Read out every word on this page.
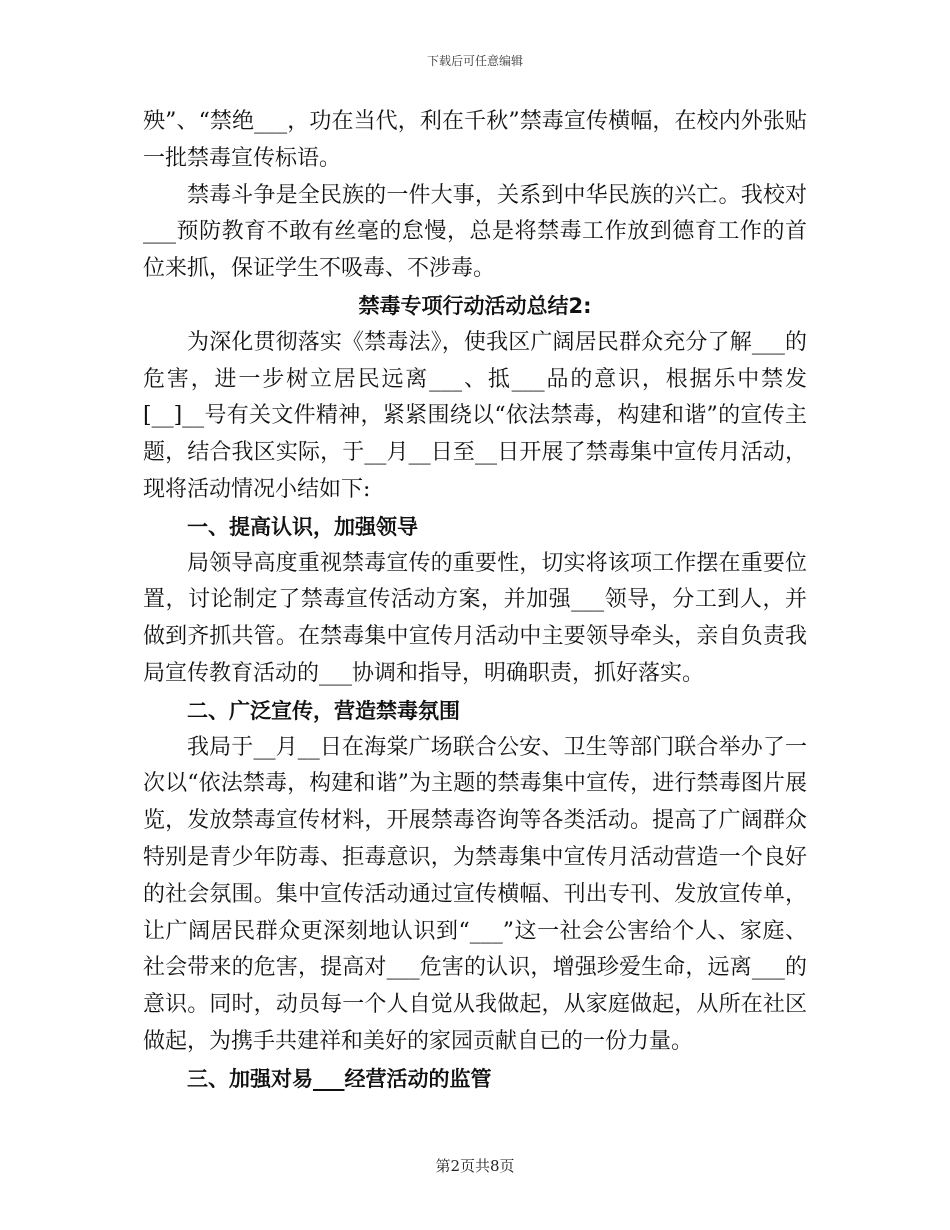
下载后可任意编辑

殃”、“禁绝___，功在当代，利在千秋”禁毒宣传横幅，在校内外张贴一批禁毒宣传标语。

禁毒斗争是全民族的一件大事，关系到中华民族的兴亡。我校对___预防教育不敢有丝毫的怠慢，总是将禁毒工作放到德育工作的首位来抓，保证学生不吸毒、不涉毒。

禁毒专项行动活动总结2:

为深化贯彻落实《禁毒法》，使我区广阔居民群众充分了解___的危害，进一步树立居民远离___、抵___品的意识，根据乐中禁发[__]__号有关文件精神，紧紧围绕以“依法禁毒，构建和谐”的宣传主题，结合我区实际，于__月__日至__日开展了禁毒集中宣传月活动，现将活动情况小结如下:

一、提高认识，加强领导

局领导高度重视禁毒宣传的重要性，切实将该项工作摆在重要位置，讨论制定了禁毒宣传活动方案，并加强___领导，分工到人，并做到齐抓共管。在禁毒集中宣传月活动中主要领导牵头，亲自负责我局宣传教育活动的___协调和指导，明确职责，抓好落实。

二、广泛宣传，营造禁毒氛围

我局于__月__日在海棠广场联合公安、卫生等部门联合举办了一次以“依法禁毒，构建和谐”为主题的禁毒集中宣传，进行禁毒图片展览，发放禁毒宣传材料，开展禁毒咨询等各类活动。提高了广阔群众特别是青少年防毒、拒毒意识，为禁毒集中宣传月活动营造一个良好的社会氛围。集中宣传活动通过宣传横幅、刊出专刊、发放宣传单，让广阔居民群众更深刻地认识到“___”这一社会公害给个人、家庭、社会带来的危害，提高对___危害的认识，增强珍爱生命，远离___的意识。同时，动员每一个人自觉从我做起，从家庭做起，从所在社区做起，为携手共建祥和美好的家园贡献自已的一份力量。

三、加强对易___经营活动的监管

第2页共8页
